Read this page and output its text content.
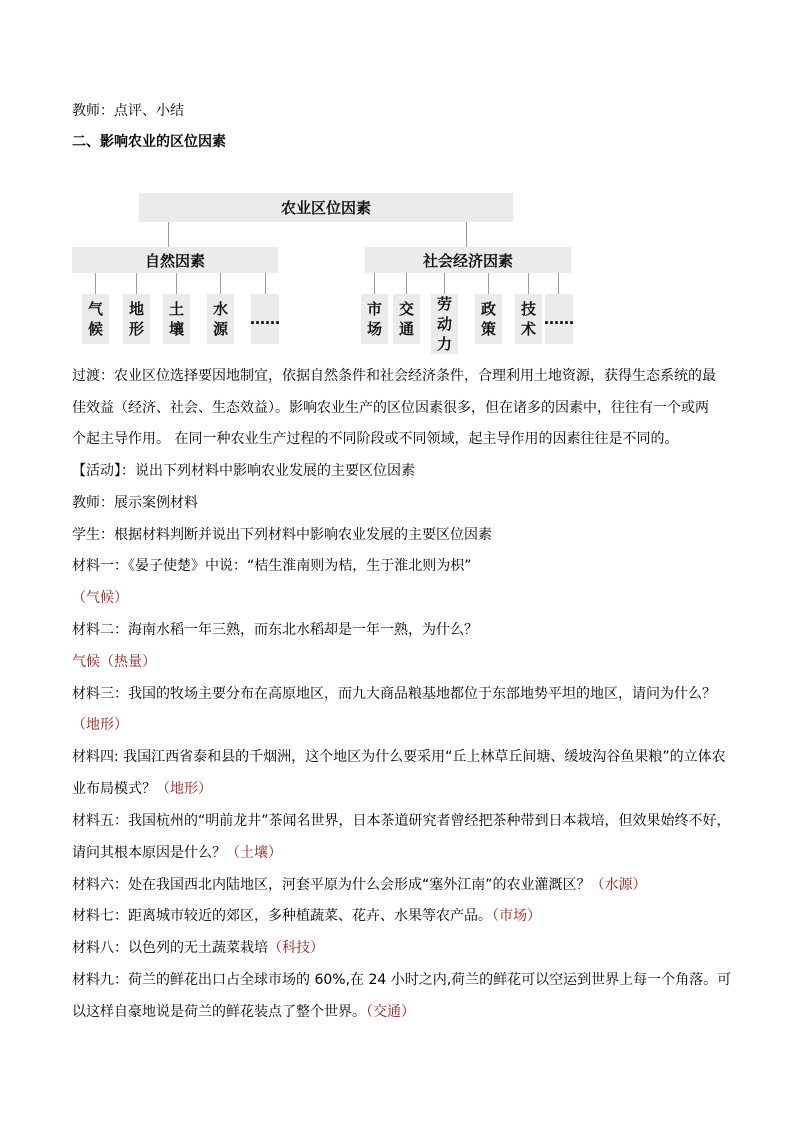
教师：点评、小结
二、影响农业的区位因素
农业区位因素
自然因素	社会经济因素
气
候
地
形
土
壤
水
源
……
市
场
交
通
劳
动
力
政
策
技
术
……
过渡：农业区位选择要因地制宜，依据自然条件和社会经济条件，合理利用土地资源，获得生态系统的最
佳效益（经济、社会、生态效益）。影响农业生产的区位因素很多，但在诸多的因素中，往往有一个或两
个起主导作用。 在同一种农业生产过程的不同阶段或不同领域，起主导作用的因素往往是不同的。
【活动】：说出下列材料中影响农业发展的主要区位因素
教师：展示案例材料
学生：根据材料判断并说出下列材料中影响农业发展的主要区位因素
材料一：《晏子使楚》中说：“桔生淮南则为桔，生于淮北则为枳”
（气候）
材料二：海南水稻一年三熟，而东北水稻却是一年一熟，为什么？
气候（热量）
材料三：我国的牧场主要分布在高原地区，而九大商品粮基地都位于东部地势平坦的地区，请问为什么？
（地形）
材料四: 我国江西省泰和县的千烟洲，这个地区为什么要采用“丘上林草丘间塘、缓坡沟谷鱼果粮”的立体农
业布局模式？（地形）
材料五：我国杭州的“明前龙井”茶闻名世界，日本茶道研究者曾经把茶种带到日本栽培，但效果始终不好，
请问其根本原因是什么？（土壤）
材料六：处在我国西北内陆地区，河套平原为什么会形成“塞外江南”的农业灌溉区？（水源）
材料七：距离城市较近的郊区，多种植蔬菜、花卉、水果等农产品。（市场）
材料八：以色列的无土蔬菜栽培（科技）
材料九：荷兰的鲜花出口占全球市场的 60%,在 24 小时之内,荷兰的鲜花可以空运到世界上每一个角落。可
以这样自豪地说是荷兰的鲜花装点了整个世界。（交通）
